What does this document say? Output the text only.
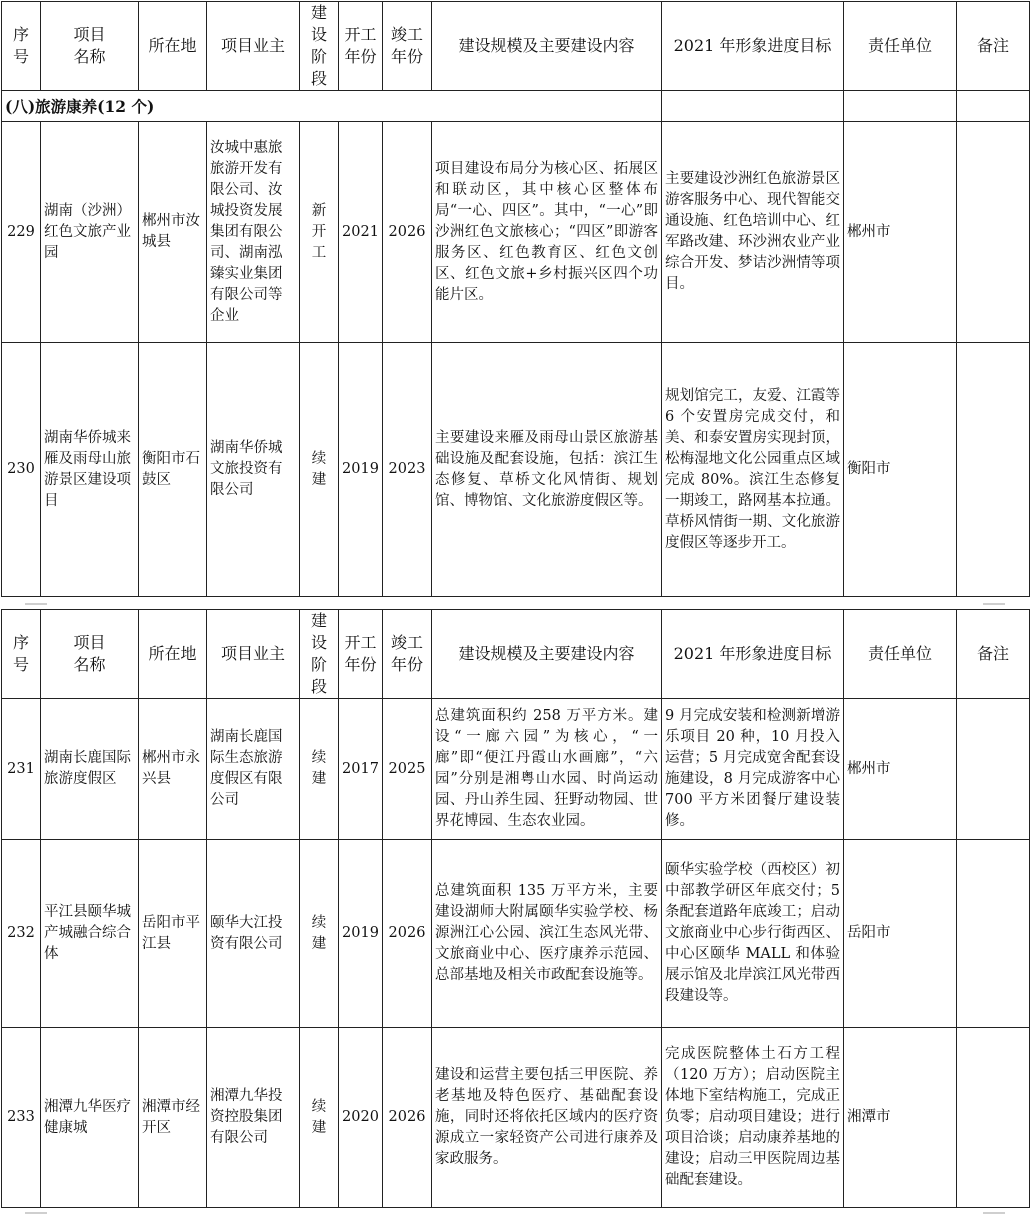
序
号	项目
名称	所在地	项目业主	建
设
阶
段	开工
年份	竣工
年份	建设规模及主要建设内容	2021 年形象进度目标	责任单位	备注
(八)旅游康养(12 个)										
229	湖南（沙洲）红色文旅产业园	郴州市汝城县	汝城中惠旅旅游开发有限公司、汝城投资发展集团有限公司、湖南泓臻实业集团有限公司等企业	新
开
工	2021	2026	项目建设布局分为核心区、拓展区和联动区，其中核心区整体布局“一心、四区”。其中，“一心”即沙洲红色文旅核心；“四区”即游客服务区、红色教育区、红色文创区、红色文旅+乡村振兴区四个功能片区。	主要建设沙洲红色旅游景区游客服务中心、现代智能交通设施、红色培训中心、红军路改建、环沙洲农业产业综合开发、梦诘沙洲情等项目。	郴州市	
230	湖南华侨城来雁及雨母山旅游景区建设项目	衡阳市石鼓区	湖南华侨城文旅投资有限公司	续
建	2019	2023	主要建设来雁及雨母山景区旅游基础设施及配套设施，包括：滨江生态修复、草桥文化风情街、规划馆、博物馆、文化旅游度假区等。	规划馆完工，友爱、江霞等 6 个安置房完成交付，和美、和泰安置房实现封顶，松梅湿地文化公园重点区域完成 80%。滨江生态修复一期竣工，路网基本拉通。草桥风情街一期、文化旅游度假区等逐步开工。	衡阳市	
序
号	项目
名称	所在地	项目业主	建
设
阶
段	开工
年份	竣工
年份	建设规模及主要建设内容	2021 年形象进度目标	责任单位	备注
231	湖南长鹿国际旅游度假区	郴州市永兴县	湖南长鹿国际生态旅游度假区有限公司	续
建	2017	2025	总建筑面积约 258 万平方米。建设“一廊六园”为核心，“一廊”即“便江丹霞山水画廊”，“六园”分别是湘粤山水园、时尚运动园、丹山养生园、狂野动物园、世界花博园、生态农业园。	9 月完成安装和检测新增游乐项目 20 种，10 月投入运营；5 月完成宽舍配套设施建设，8 月完成游客中心 700 平方米团餐厅建设装修。	郴州市	
232	平江县颐华城产城融合综合体	岳阳市平江县	颐华大江投资有限公司	续
建	2019	2026	总建筑面积 135 万平方米，主要建设湖师大附属颐华实验学校、杨源洲江心公园、滨江生态风光带、文旅商业中心、医疗康养示范园、总部基地及相关市政配套设施等。	颐华实验学校（西校区）初中部教学研区年底交付；5 条配套道路年底竣工；启动文旅商业中心步行街西区、中心区颐华 MALL 和体验展示馆及北岸滨江风光带西段建设等。	岳阳市	
233	湘潭九华医疗健康城	湘潭市经开区	湘潭九华投资控股集团有限公司	续
建	2020	2026	建设和运营主要包括三甲医院、养老基地及特色医疗、基础配套设施，同时还将依托区域内的医疗资源成立一家轻资产公司进行康养及家政服务。	完成医院整体土石方工程（120 万方）；启动医院主体地下室结构施工，完成正负零；启动项目建设；进行项目洽谈；启动康养基地的建设；启动三甲医院周边基础配套建设。	湘潭市	
